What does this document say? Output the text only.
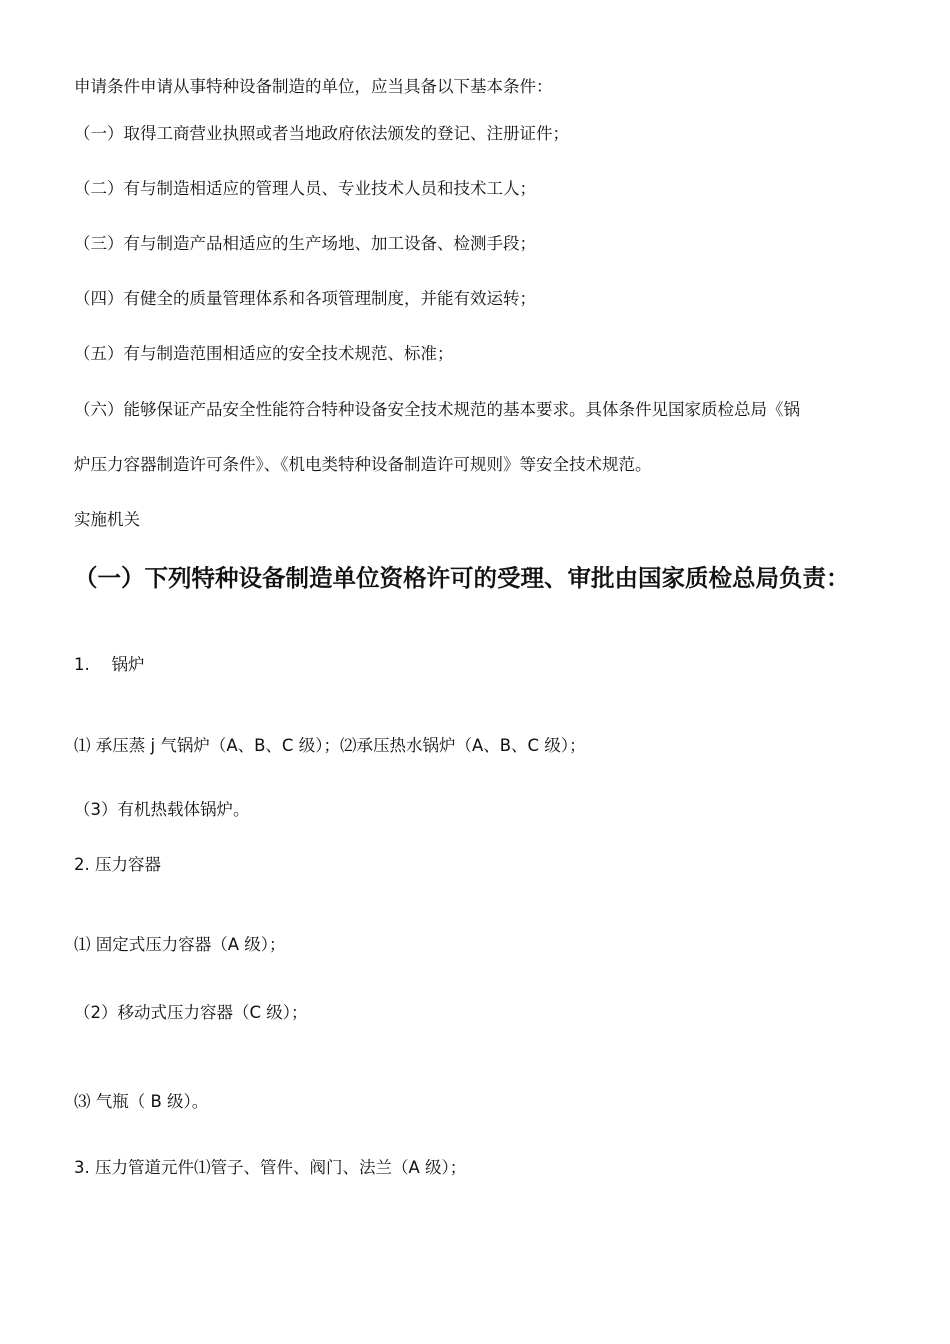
申请条件申请从事特种设备制造的单位，应当具备以下基本条件：

（一）取得工商营业执照或者当地政府依法颁发的登记、注册证件；

（二）有与制造相适应的管理人员、专业技术人员和技术工人；

（三）有与制造产品相适应的生产场地、加工设备、检测手段；

（四）有健全的质量管理体系和各项管理制度，并能有效运转；

（五）有与制造范围相适应的安全技术规范、标准；

（六）能够保证产品安全性能符合特种设备安全技术规范的基本要求。具体条件见国家质检总局《锅

炉压力容器制造许可条件》、《机电类特种设备制造许可规则》等安全技术规范。

实施机关

（一）下列特种设备制造单位资格许可的受理、审批由国家质检总局负责：

1.　 锅炉

⑴ 承压蒸 j 气锅炉（A、B、C 级）；⑵承压热水锅炉（A、B、C 级）；

（3）有机热载体锅炉。

2. 压力容器

⑴ 固定式压力容器（A 级）；

（2）移动式压力容器（C 级）；

⑶ 气瓶（ B 级）。

3. 压力管道元件⑴管子、管件、阀门、法兰（A 级）；
